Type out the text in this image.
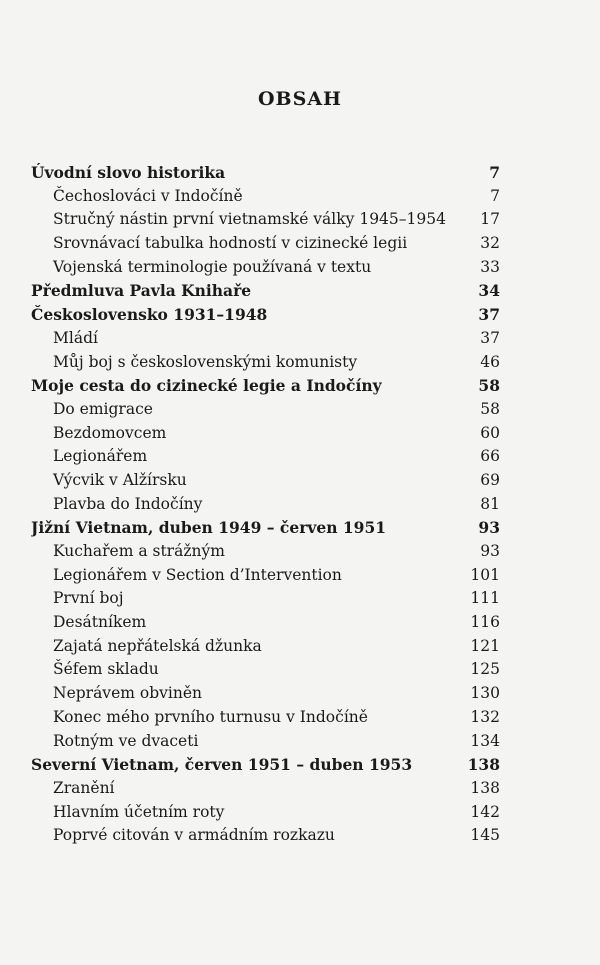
OBSAH
Úvodní slovo historika	7
Čechoslováci v Indočíně	7
Stručný nástin první vietnamské války 1945–1954	17
Srovnávací tabulka hodností v cizinecké legii	32
Vojenská terminologie používaná v textu	33
Předmluva Pavla Knihaře	34
Československo 1931–1948	37
Mládí	37
Můj boj s československými komunisty	46
Moje cesta do cizinecké legie a Indočíny	58
Do emigrace	58
Bezdomovcem	60
Legionářem	66
Výcvik v Alžírsku	69
Plavba do Indočíny	81
Jižní Vietnam, duben 1949 – červen 1951	93
Kuchařem a strážným	93
Legionářem v Section d’Intervention	101
První boj	111
Desátníkem	116
Zajatá nepřátelská džunka	121
Šéfem skladu	125
Neprávem obviněn	130
Konec mého prvního turnusu v Indočíně	132
Rotným ve dvaceti	134
Severní Vietnam, červen 1951 – duben 1953	138
Zranění	138
Hlavním účetním roty	142
Poprvé citován v armádním rozkazu	145
